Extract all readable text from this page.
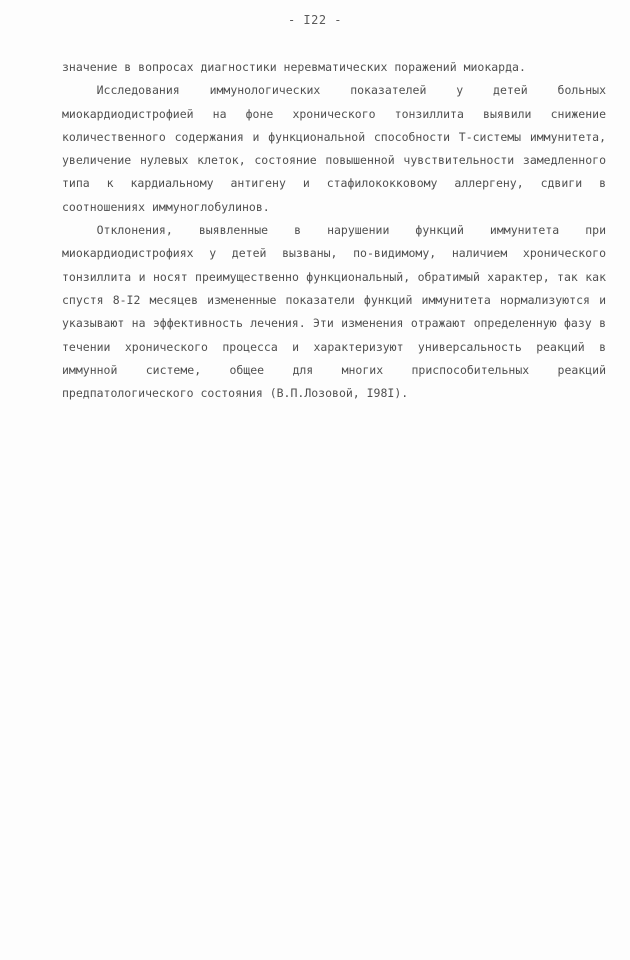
- I22 -

значение в вопросах диагностики неревматических поражений миокарда.

Исследования иммунологических показателей у детей больных миокардиодистрофией на фоне хронического тонзиллита выявили снижение количественного содержания и функциональной способности Т-системы иммунитета, увеличение нулевых клеток, состояние повышенной чувствительности замедленного типа к кардиальному антигену и стафилококковому аллергену, сдвиги в соотношениях иммуноглобулинов.

Отклонения, выявленные в нарушении функций иммунитета при миокардиодистрофиях у детей вызваны, по-видимому, наличием хронического тонзиллита и носят преимущественно функциональный, обратимый характер, так как спустя 8-I2 месяцев измененные показатели функций иммунитета нормализуются и указывают на эффективность лечения. Эти изменения отражают определенную фазу в течении хронического процесса и характеризуют универсальность реакций в иммунной системе, общее для многих приспособительных реакций предпатологического состояния (В.П.Лозовой, I98I).
